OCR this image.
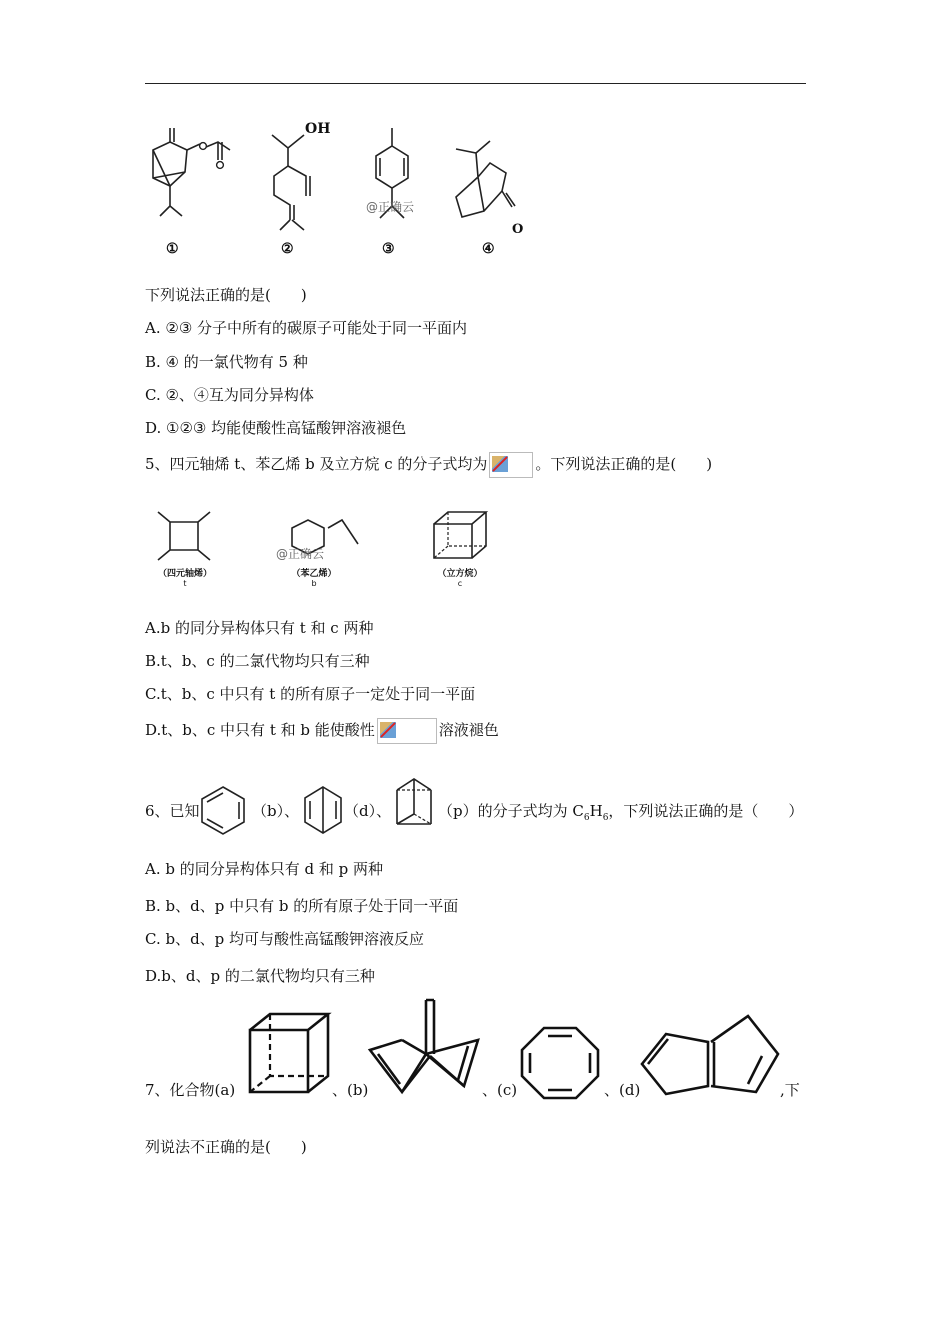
①
OH
②
@正确云
③
O
④
下列说法正确的是(　　)
A. ②③ 分子中所有的碳原子可能处于同一平面内
B. ④ 的一氯代物有 5 种
C. ②、④互为同分异构体
D. ①②③ 均能使酸性高锰酸钾溶液褪色
5、四元轴烯 t、苯乙烯 b 及立方烷 c 的分子式均为	。下列说法正确的是(　　)
（四元轴烯）
t
@正确云
（苯乙烯）
b
（立方烷）
c
A.b 的同分异构体只有 t 和 c 两种
B.t、b、c 的二氯代物均只有三种
C.t、b、c 中只有 t 的所有原子一定处于同一平面
D.t、b、c 中只有 t 和 b 能使酸性	溶液褪色
6、已知	（b）、	（d）、	（p）的分子式均为 $C_6H_6$，下列说法正确的是（　　）
A. b 的同分异构体只有 d 和 p 两种
B. b、d、p 中只有 b 的所有原子处于同一平面
C. b、d、p 均可与酸性高锰酸钾溶液反应
D.b、d、p 的二氯代物均只有三种
7、化合物(a)	、(b)	、(c)	、(d)	,下
列说法不正确的是(　　)
